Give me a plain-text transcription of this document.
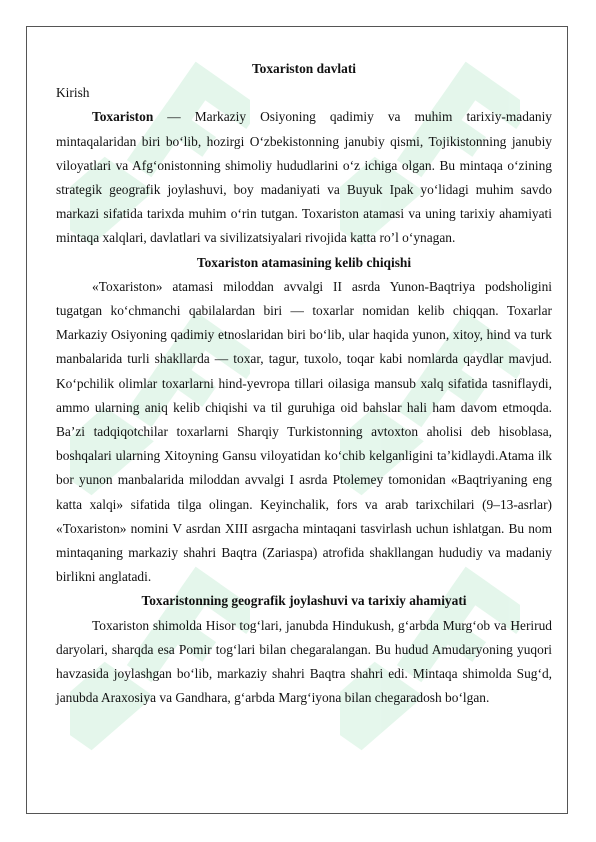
Toxariston davlati

Kirish

Toxariston — Markaziy Osiyoning qadimiy va muhim tarixiy-madaniy mintaqalaridan biri bo‘lib, hozirgi O‘zbekistonning janubiy qismi, Tojikistonning janubiy viloyatlari va Afg‘onistonning shimoliy hududlarini o‘z ichiga olgan. Bu mintaqa o‘zining strategik geografik joylashuvi, boy madaniyati va Buyuk Ipak yo‘lidagi muhim savdo markazi sifatida tarixda muhim o‘rin tutgan. Toxariston atamasi va uning tarixiy ahamiyati mintaqa xalqlari, davlatlari va sivilizatsiyalari rivojida katta ro’l o‘ynagan.

Toxariston atamasining kelib chiqishi

«Toxariston» atamasi miloddan avvalgi II asrda Yunon-Baqtriya podsholigini tugatgan ko‘chmanchi qabilalardan biri — toxarlar nomidan kelib chiqqan. Toxarlar Markaziy Osiyoning qadimiy etnoslaridan biri bo‘lib, ular haqida yunon, xitoy, hind va turk manbalarida turli shakllarda — toxar, tagur, tuxolo, toqar kabi nomlarda qaydlar mavjud. Ko‘pchilik olimlar toxarlarni hind-yevropa tillari oilasiga mansub xalq sifatida tasniflaydi, ammo ularning aniq kelib chiqishi va til guruhiga oid bahslar hali ham davom etmoqda. Ba’zi tadqiqotchilar toxarlarni Sharqiy Turkistonning avtoxton aholisi deb hisoblasa, boshqalari ularning Xitoyning Gansu viloyatidan ko‘chib kelganligini ta’kidlaydi.Atama ilk bor yunon manbalarida miloddan avvalgi I asrda Ptolemey tomonidan «Baqtriyaning eng katta xalqi» sifatida tilga olingan. Keyinchalik, fors va arab tarixchilari (9–13-asrlar) «Toxariston» nomini V asrdan XIII asrgacha mintaqani tasvirlash uchun ishlatgan. Bu nom mintaqaning markaziy shahri Baqtra (Zariaspa) atrofida shakllangan hududiy va madaniy birlikni anglatadi.

Toxaristonning geografik joylashuvi va tarixiy ahamiyati

Toxariston shimolda Hisor tog‘lari, janubda Hindukush, g‘arbda Murg‘ob va Herirud daryolari, sharqda esa Pomir tog‘lari bilan chegaralangan. Bu hudud Amudaryoning yuqori havzasida joylashgan bo‘lib, markaziy shahri Baqtra shahri edi. Mintaqa shimolda Sug‘d, janubda Araxosiya va Gandhara, g‘arbda Marg‘iyona bilan chegaradosh bo‘lgan.
